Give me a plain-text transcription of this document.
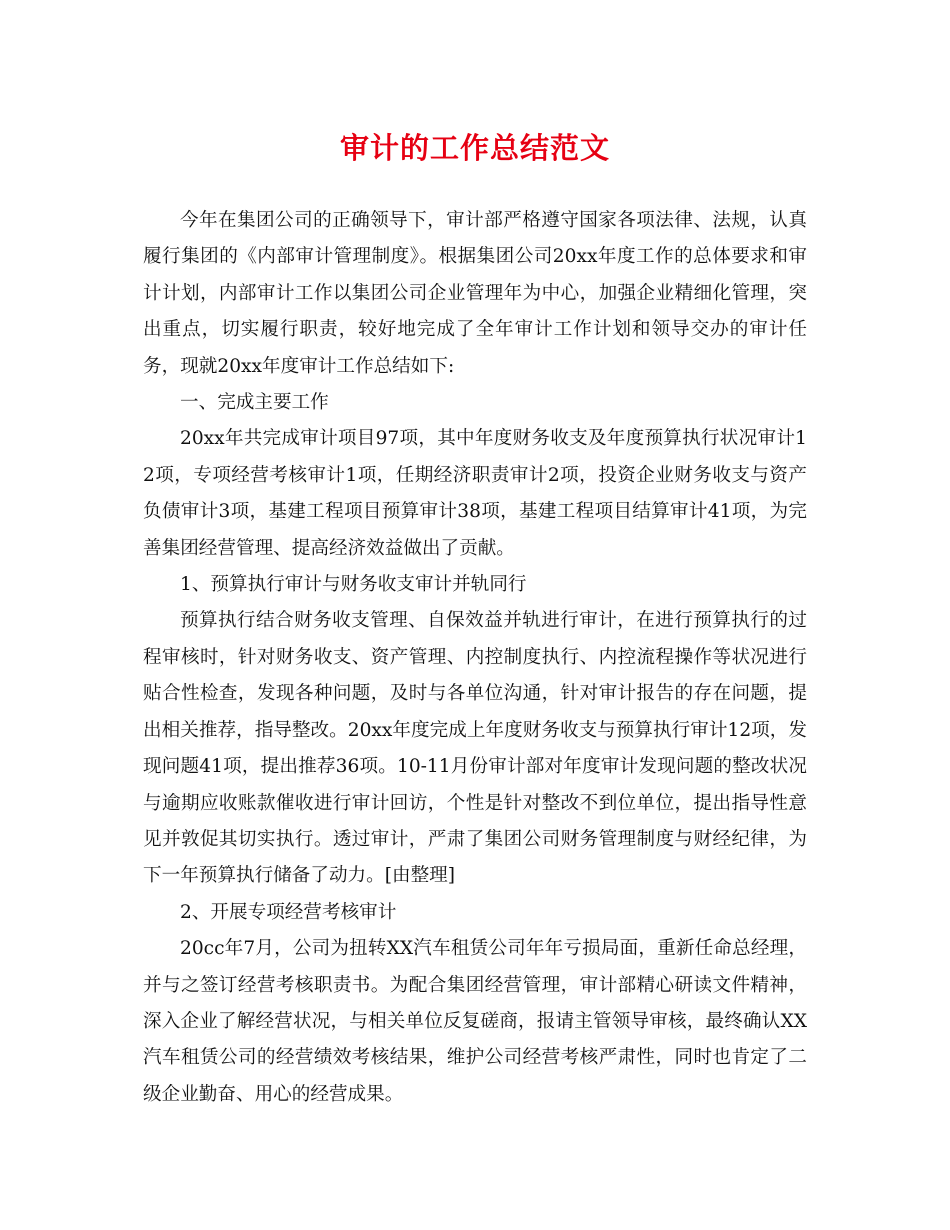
审计的工作总结范文

今年在集团公司的正确领导下，审计部严格遵守国家各项法律、法规，认真履行集团的《内部审计管理制度》。根据集团公司20xx年度工作的总体要求和审计计划，内部审计工作以集团公司企业管理年为中心，加强企业精细化管理，突出重点，切实履行职责，较好地完成了全年审计工作计划和领导交办的审计任务，现就20xx年度审计工作总结如下:

一、完成主要工作

20xx年共完成审计项目97项，其中年度财务收支及年度预算执行状况审计12项，专项经营考核审计1项，任期经济职责审计2项，投资企业财务收支与资产负债审计3项，基建工程项目预算审计38项，基建工程项目结算审计41项，为完善集团经营管理、提高经济效益做出了贡献。

1、预算执行审计与财务收支审计并轨同行

预算执行结合财务收支管理、自保效益并轨进行审计，在进行预算执行的过程审核时，针对财务收支、资产管理、内控制度执行、内控流程操作等状况进行贴合性检查，发现各种问题，及时与各单位沟通，针对审计报告的存在问题，提出相关推荐，指导整改。20xx年度完成上年度财务收支与预算执行审计12项，发现问题41项，提出推荐36项。10-11月份审计部对年度审计发现问题的整改状况与逾期应收账款催收进行审计回访，个性是针对整改不到位单位，提出指导性意见并敦促其切实执行。透过审计，严肃了集团公司财务管理制度与财经纪律，为下一年预算执行储备了动力。[由整理]

2、开展专项经营考核审计

20cc年7月，公司为扭转XX汽车租赁公司年年亏损局面，重新任命总经理，并与之签订经营考核职责书。为配合集团经营管理，审计部精心研读文件精神，深入企业了解经营状况，与相关单位反复磋商，报请主管领导审核，最终确认XX汽车租赁公司的经营绩效考核结果，维护公司经营考核严肃性，同时也肯定了二级企业勤奋、用心的经营成果。
